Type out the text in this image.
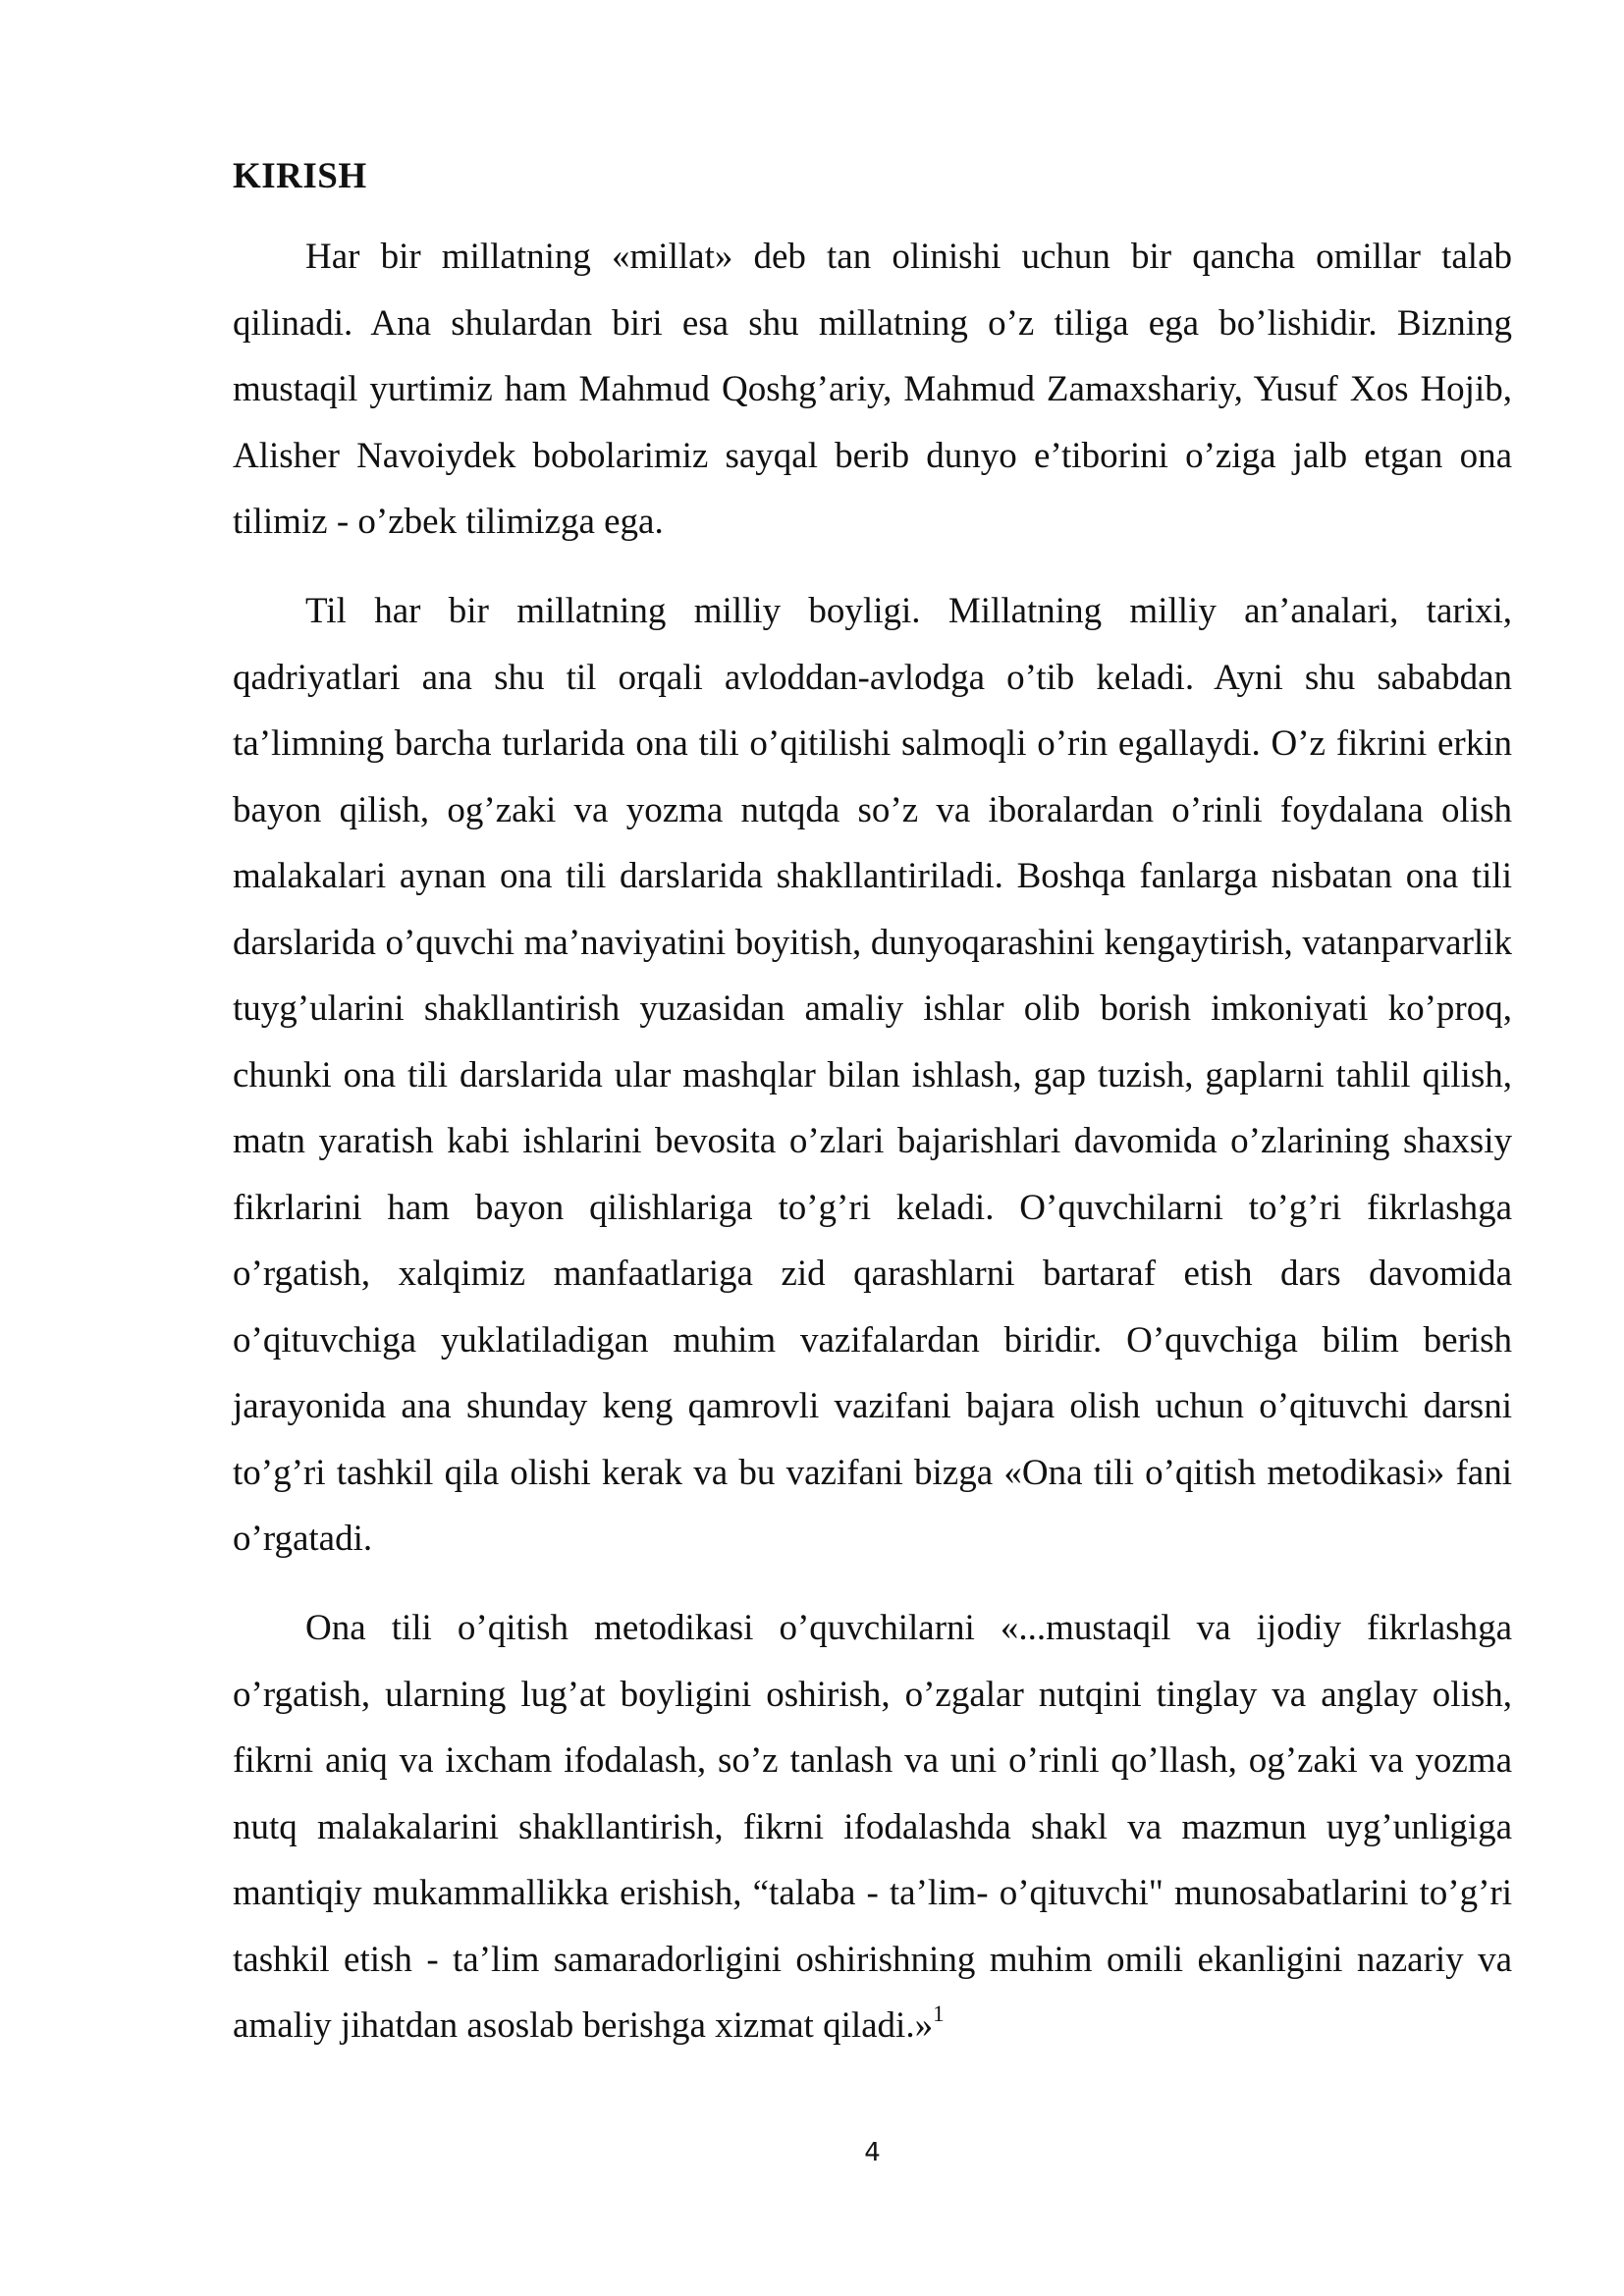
KIRISH

Har bir millatning «millat» deb tan olinishi uchun bir qancha omillar talab qilinadi. Ana shulardan biri esa shu millatning o’z tiliga ega bo’lishidir. Bizning mustaqil yurtimiz ham Mahmud Qoshg’ariy, Mahmud Zamaxshariy, Yusuf Xos Hojib, Alisher Navoiydek bobolarimiz sayqal berib dunyo e’tiborini o’ziga jalb etgan ona tilimiz - o’zbek tilimizga ega.

Til har bir millatning milliy boyligi. Millatning milliy an’analari, tarixi, qadriyatlari ana shu til orqali avloddan-avlodga o’tib keladi. Ayni shu sababdan ta’limning barcha turlarida ona tili o’qitilishi salmoqli o’rin egallaydi. O’z fikrini erkin bayon qilish, og’zaki va yozma nutqda so’z va iboralardan o’rinli foydalana olish malakalari aynan ona tili darslarida shakllantiriladi. Boshqa fanlarga nisbatan ona tili darslarida o’quvchi ma’naviyatini boyitish, dunyoqarashini kengaytirish, vatanparvarlik tuyg’ularini shakllantirish yuzasidan amaliy ishlar olib borish imkoniyati ko’proq, chunki ona tili darslarida ular mashqlar bilan ishlash, gap tuzish, gaplarni tahlil qilish, matn yaratish kabi ishlarini bevosita o’zlari bajarishlari davomida o’zlarining shaxsiy fikrlarini ham bayon qilishlariga to’g’ri keladi. O’quvchilarni to’g’ri fikrlashga o’rgatish, xalqimiz manfaatlariga zid qarashlarni bartaraf etish dars davomida o’qituvchiga yuklatiladigan muhim vazifalardan biridir. O’quvchiga bilim berish jarayonida ana shunday keng qamrovli vazifani bajara olish uchun o’qituvchi darsni to’g’ri tashkil qila olishi kerak va bu vazifani bizga «Ona tili o’qitish metodikasi» fani o’rgatadi.

Ona tili o’qitish metodikasi o’quvchilarni «...mustaqil va ijodiy fikrlashga o’rgatish, ularning lug’at boyligini oshirish, o’zgalar nutqini tinglay va anglay olish, fikrni aniq va ixcham ifodalash, so’z tanlash va uni o’rinli qo’llash, og’zaki va yozma nutq malakalarini shakllantirish, fikrni ifodalashda shakl va mazmun uyg’unligiga mantiqiy mukammallikka erishish, “talaba - ta’lim- o’qituvchi" munosabatlarini to’g’ri tashkil etish - ta’lim samaradorligini oshirishning muhim omili ekanligini nazariy va amaliy jihatdan asoslab berishga xizmat qiladi.»$^1$

4
